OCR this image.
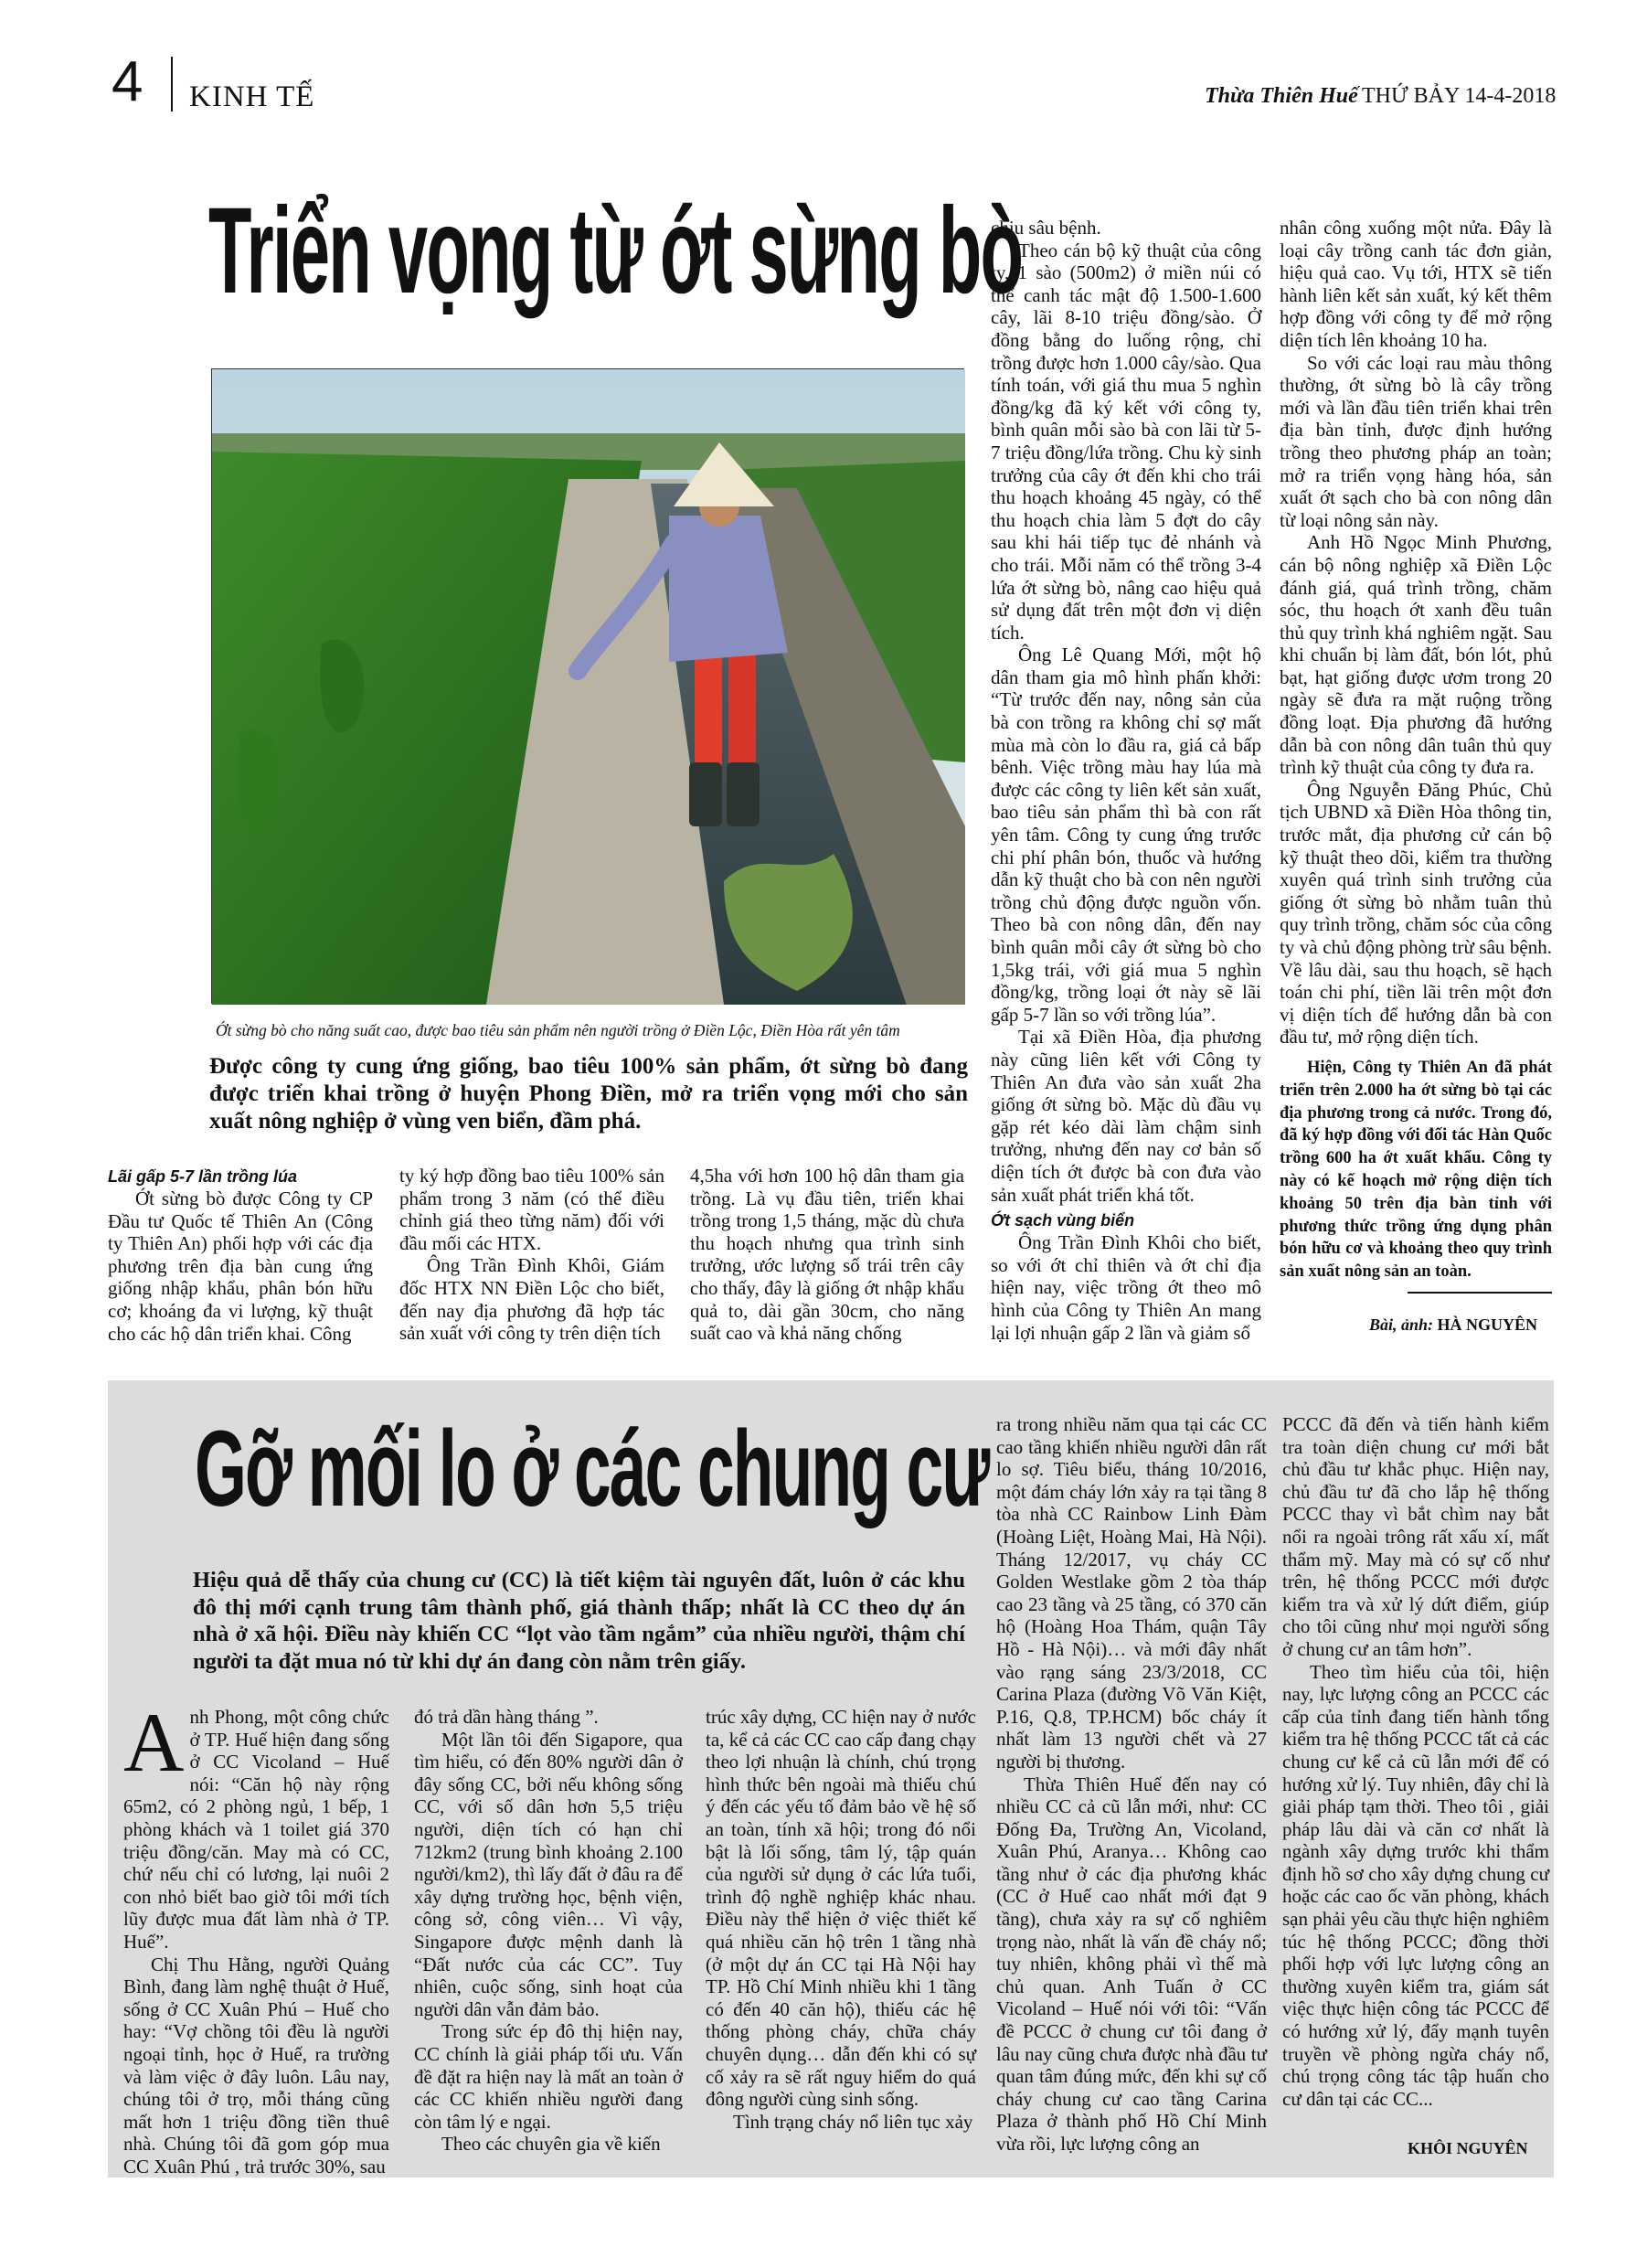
4 KINH TẾ	Thừa Thiên Huế THỨ BẢY 14-4-2018
Triển vọng từ ớt sừng bò
Ớt sừng bò cho năng suất cao, được bao tiêu sản phẩm nên người trồng ở Điền Lộc, Điền Hòa rất yên tâm
Được công ty cung ứng giống, bao tiêu 100% sản phẩm, ớt sừng bò đang được triển khai trồng ở huyện Phong Điền, mở ra triển vọng mới cho sản xuất nông nghiệp ở vùng ven biển, đầm phá.
Lãi gấp 5-7 lần trồng lúa

Ớt sừng bò được Công ty CP Đầu tư Quốc tế Thiên An (Công ty Thiên An) phối hợp với các địa phương trên địa bàn cung ứng giống nhập khẩu, phân bón hữu cơ; khoáng đa vi lượng, kỹ thuật cho các hộ dân triển khai. Công

ty ký hợp đồng bao tiêu 100% sản phẩm trong 3 năm (có thể điều chỉnh giá theo từng năm) đối với đầu mối các HTX.

Ông Trần Đình Khôi, Giám đốc HTX NN Điền Lộc cho biết, đến nay địa phương đã hợp tác sản xuất với công ty trên diện tích

4,5ha với hơn 100 hộ dân tham gia trồng. Là vụ đầu tiên, triển khai trồng trong 1,5 tháng, mặc dù chưa thu hoạch nhưng qua trình sinh trưởng, ước lượng số trái trên cây cho thấy, đây là giống ớt nhập khẩu quả to, dài gần 30cm, cho năng suất cao và khả năng chống

chịu sâu bệnh.

Theo cán bộ kỹ thuật của công ty, 1 sào (500m2) ở miền núi có thể canh tác mật độ 1.500-1.600 cây, lãi 8-10 triệu đồng/sào. Ở đồng bằng do luống rộng, chỉ trồng được hơn 1.000 cây/sào. Qua tính toán, với giá thu mua 5 nghìn đồng/kg đã ký kết với công ty, bình quân mỗi sào bà con lãi từ 5-7 triệu đồng/lứa trồng. Chu kỳ sinh trưởng của cây ớt đến khi cho trái thu hoạch khoảng 45 ngày, có thể thu hoạch chia làm 5 đợt do cây sau khi hái tiếp tục đẻ nhánh và cho trái. Mỗi năm có thể trồng 3-4 lứa ớt sừng bò, nâng cao hiệu quả sử dụng đất trên một đơn vị diện tích.

Ông Lê Quang Mới, một hộ dân tham gia mô hình phấn khởi: “Từ trước đến nay, nông sản của bà con trồng ra không chỉ sợ mất mùa mà còn lo đầu ra, giá cả bấp bênh. Việc trồng màu hay lúa mà được các công ty liên kết sản xuất, bao tiêu sản phẩm thì bà con rất yên tâm. Công ty cung ứng trước chi phí phân bón, thuốc và hướng dẫn kỹ thuật cho bà con nên người trồng chủ động được nguồn vốn. Theo bà con nông dân, đến nay bình quân mỗi cây ớt sừng bò cho 1,5kg trái, với giá mua 5 nghìn đồng/kg, trồng loại ớt này sẽ lãi gấp 5-7 lần so với trồng lúa”.

Tại xã Điền Hòa, địa phương này cũng liên kết với Công ty Thiên An đưa vào sản xuất 2ha giống ớt sừng bò. Mặc dù đầu vụ gặp rét kéo dài làm chậm sinh trưởng, nhưng đến nay cơ bản số diện tích ớt được bà con đưa vào sản xuất phát triển khá tốt.

Ớt sạch vùng biển

Ông Trần Đình Khôi cho biết, so với ớt chỉ thiên và ớt chỉ địa hiện nay, việc trồng ớt theo mô hình của Công ty Thiên An mang lại lợi nhuận gấp 2 lần và giảm số

nhân công xuống một nửa. Đây là loại cây trồng canh tác đơn giản, hiệu quả cao. Vụ tới, HTX sẽ tiến hành liên kết sản xuất, ký kết thêm hợp đồng với công ty để mở rộng diện tích lên khoảng 10 ha.

So với các loại rau màu thông thường, ớt sừng bò là cây trồng mới và lần đầu tiên triển khai trên địa bàn tỉnh, được định hướng trồng theo phương pháp an toàn; mở ra triển vọng hàng hóa, sản xuất ớt sạch cho bà con nông dân từ loại nông sản này.

Anh Hồ Ngọc Minh Phương, cán bộ nông nghiệp xã Điền Lộc đánh giá, quá trình trồng, chăm sóc, thu hoạch ớt xanh đều tuân thủ quy trình khá nghiêm ngặt. Sau khi chuẩn bị làm đất, bón lót, phủ bạt, hạt giống được ươm trong 20 ngày sẽ đưa ra mặt ruộng trồng đồng loạt. Địa phương đã hướng dẫn bà con nông dân tuân thủ quy trình kỹ thuật của công ty đưa ra.

Ông Nguyễn Đăng Phúc, Chủ tịch UBND xã Điền Hòa thông tin, trước mắt, địa phương cử cán bộ kỹ thuật theo dõi, kiểm tra thường xuyên quá trình sinh trưởng của giống ớt sừng bò nhằm tuân thủ quy trình trồng, chăm sóc của công ty và chủ động phòng trừ sâu bệnh. Về lâu dài, sau thu hoạch, sẽ hạch toán chi phí, tiền lãi trên một đơn vị diện tích để hướng dẫn bà con đầu tư, mở rộng diện tích.

Hiện, Công ty Thiên An đã phát triển trên 2.000 ha ớt sừng bò tại các địa phương trong cả nước. Trong đó, đã ký hợp đồng với đối tác Hàn Quốc trồng 600 ha ớt xuất khẩu. Công ty này có kế hoạch mở rộng diện tích khoảng 50 trên địa bàn tỉnh với phương thức trồng ứng dụng phân bón hữu cơ và khoảng theo quy trình sản xuất nông sản an toàn.

Bài, ảnh: HÀ NGUYÊN
Gỡ mối lo ở các chung cư
Hiệu quả dễ thấy của chung cư (CC) là tiết kiệm tài nguyên đất, luôn ở các khu đô thị mới cạnh trung tâm thành phố, giá thành thấp; nhất là CC theo dự án nhà ở xã hội. Điều này khiến CC “lọt vào tầm ngắm” của nhiều người, thậm chí người ta đặt mua nó từ khi dự án đang còn nằm trên giấy.

Anh Phong, một công chức ở TP. Huế hiện đang sống ở CC Vicoland – Huế nói: “Căn hộ này rộng 65m2, có 2 phòng ngủ, 1 bếp, 1 phòng khách và 1 toilet giá 370 triệu đồng/căn. May mà có CC, chứ nếu chỉ có lương, lại nuôi 2 con nhỏ biết bao giờ tôi mới tích lũy được mua đất làm nhà ở TP. Huế”.

Chị Thu Hằng, người Quảng Bình, đang làm nghệ thuật ở Huế, sống ở CC Xuân Phú – Huế cho hay: “Vợ chồng tôi đều là người ngoại tỉnh, học ở Huế, ra trường và làm việc ở đây luôn. Lâu nay, chúng tôi ở trọ, mỗi tháng cũng mất hơn 1 triệu đồng tiền thuê nhà. Chúng tôi đã gom góp mua CC Xuân Phú , trả trước 30%, sau

đó trả dần hàng tháng ”.

Một lần tôi đến Sigapore, qua tìm hiểu, có đến 80% người dân ở đây sống CC, bởi nếu không sống CC, với số dân hơn 5,5 triệu người, diện tích có hạn chỉ 712km2 (trung bình khoảng 2.100 người/km2), thì lấy đất ở đâu ra để xây dựng trường học, bệnh viện, công sở, công viên… Vì vậy, Singapore được mệnh danh là “Đất nước của các CC”. Tuy nhiên, cuộc sống, sinh hoạt của người dân vẫn đảm bảo.

Trong sức ép đô thị hiện nay, CC chính là giải pháp tối ưu. Vấn đề đặt ra hiện nay là mất an toàn ở các CC khiến nhiều người đang còn tâm lý e ngại.

Theo các chuyên gia về kiến

trúc xây dựng, CC hiện nay ở nước ta, kể cả các CC cao cấp đang chạy theo lợi nhuận là chính, chú trọng hình thức bên ngoài mà thiếu chú ý đến các yếu tố đảm bảo về hệ số an toàn, tính xã hội; trong đó nổi bật là lối sống, tâm lý, tập quán của người sử dụng ở các lứa tuổi, trình độ nghề nghiệp khác nhau. Điều này thể hiện ở việc thiết kế quá nhiều căn hộ trên 1 tầng nhà (ở một dự án CC tại Hà Nội hay TP. Hồ Chí Minh nhiều khi 1 tầng có đến 40 căn hộ), thiếu các hệ thống phòng cháy, chữa cháy chuyên dụng… dẫn đến khi có sự cố xảy ra sẽ rất nguy hiểm do quá đông người cùng sinh sống.

Tình trạng cháy nổ liên tục xảy

ra trong nhiều năm qua tại các CC cao tầng khiến nhiều người dân rất lo sợ. Tiêu biểu, tháng 10/2016, một đám cháy lớn xảy ra tại tầng 8 tòa nhà CC Rainbow Linh Đàm (Hoàng Liệt, Hoàng Mai, Hà Nội). Tháng 12/2017, vụ cháy CC Golden Westlake gồm 2 tòa tháp cao 23 tầng và 25 tầng, có 370 căn hộ (Hoàng Hoa Thám, quận Tây Hồ - Hà Nội)… và mới đây nhất vào rạng sáng 23/3/2018, CC Carina Plaza (đường Võ Văn Kiệt, P.16, Q.8, TP.HCM) bốc cháy ít nhất làm 13 người chết và 27 người bị thương.

Thừa Thiên Huế đến nay có nhiều CC cả cũ lẫn mới, như: CC Đống Đa, Trường An, Vicoland, Xuân Phú, Aranya… Không cao tầng như ở các địa phương khác (CC ở Huế cao nhất mới đạt 9 tầng), chưa xảy ra sự cố nghiêm trọng nào, nhất là vấn đề cháy nổ; tuy nhiên, không phải vì thế mà chủ quan. Anh Tuấn ở CC Vicoland – Huế nói với tôi: “Vấn đề PCCC ở chung cư tôi đang ở lâu nay cũng chưa được nhà đầu tư quan tâm đúng mức, đến khi sự cố cháy chung cư cao tầng Carina Plaza ở thành phố Hồ Chí Minh vừa rồi, lực lượng công an

PCCC đã đến và tiến hành kiểm tra toàn diện chung cư mới bắt chủ đầu tư khắc phục. Hiện nay, chủ đầu tư đã cho lắp hệ thống PCCC thay vì bắt chìm nay bắt nổi ra ngoài trông rất xấu xí, mất thẩm mỹ. May mà có sự cố như trên, hệ thống PCCC mới được kiểm tra và xử lý dứt điểm, giúp cho tôi cũng như mọi người sống ở chung cư an tâm hơn”.

Theo tìm hiểu của tôi, hiện nay, lực lượng công an PCCC các cấp của tỉnh đang tiến hành tổng kiểm tra hệ thống PCCC tất cả các chung cư kể cả cũ lẫn mới để có hướng xử lý. Tuy nhiên, đây chỉ là giải pháp tạm thời. Theo tôi , giải pháp lâu dài và căn cơ nhất là ngành xây dựng trước khi thẩm định hồ sơ cho xây dựng chung cư hoặc các cao ốc văn phòng, khách sạn phải yêu cầu thực hiện nghiêm túc hệ thống PCCC; đồng thời phối hợp với lực lượng công an thường xuyên kiểm tra, giám sát việc thực hiện công tác PCCC để có hướng xử lý, đẩy mạnh tuyên truyền về phòng ngừa cháy nổ, chú trọng công tác tập huấn cho cư dân tại các CC...

KHÔI NGUYÊN
